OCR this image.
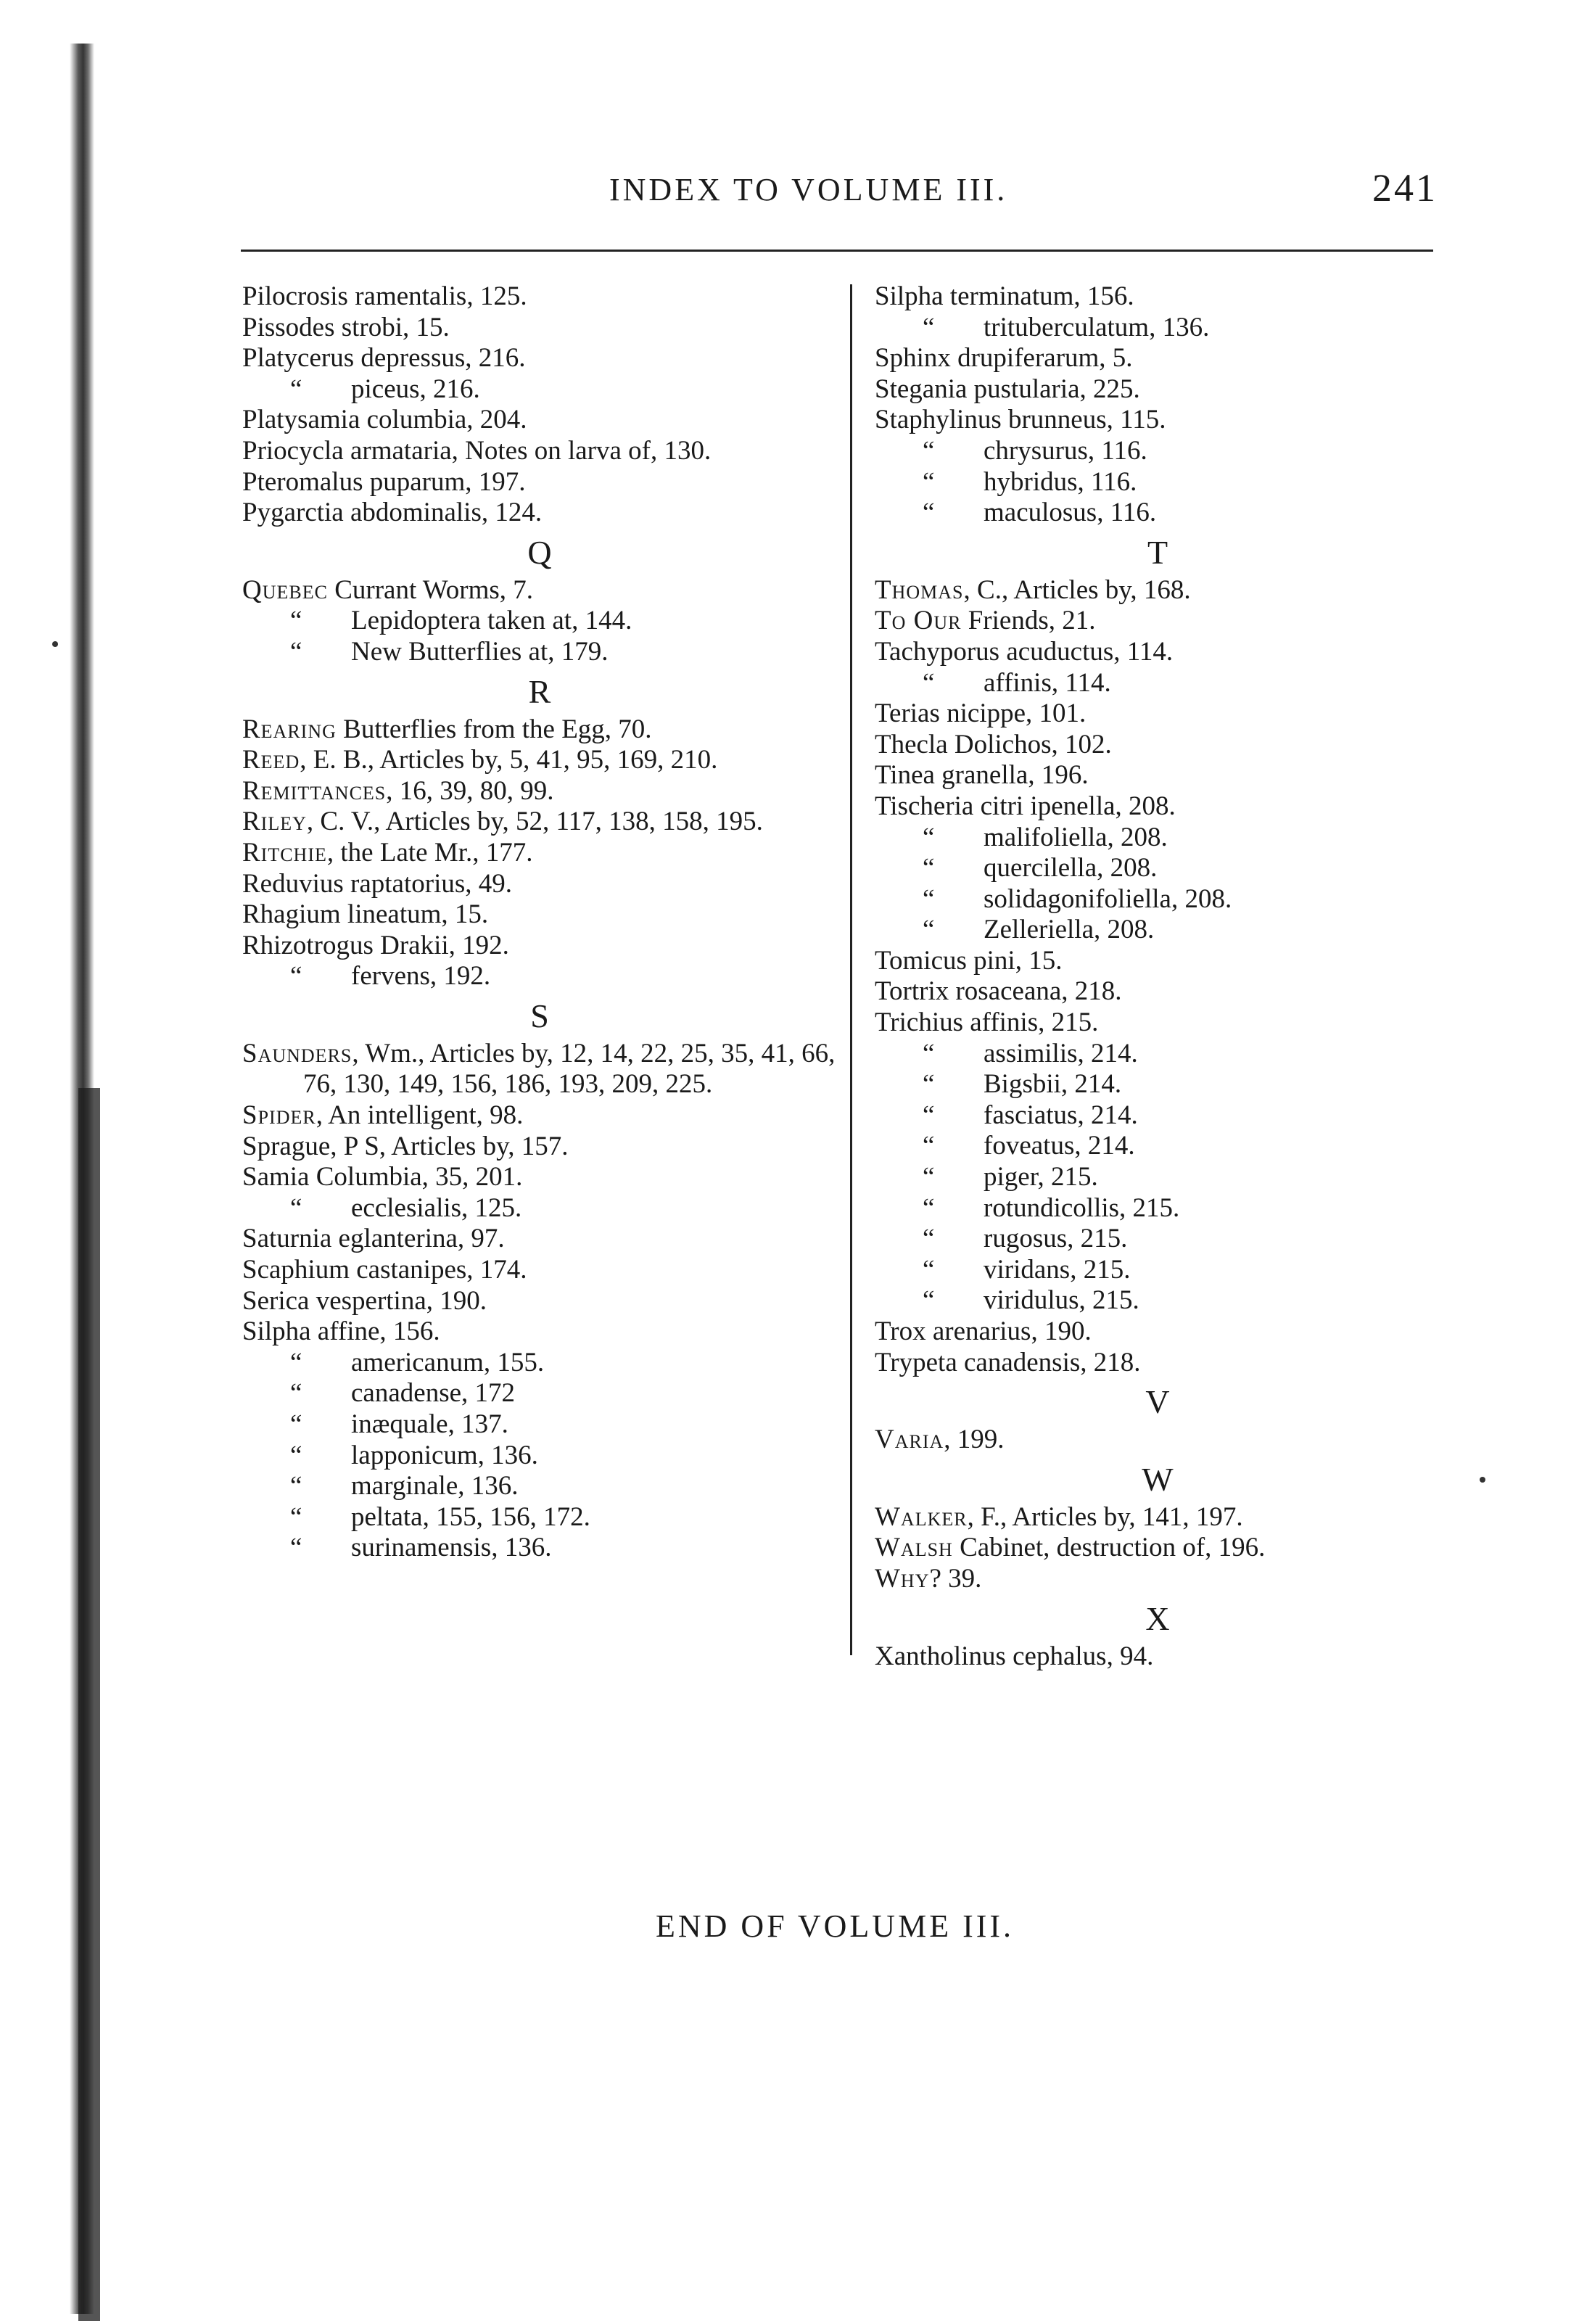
INDEX TO VOLUME III.	241

Pilocrosis ramentalis, 125.

Pissodes strobi, 15.

Platycerus depressus, 216.

“ piceus, 216.

Platysamia columbia, 204.

Priocycla armataria, Notes on larva of, 130.

Pteromalus puparum, 197.

Pygarctia abdominalis, 124.

Q

Quebec Currant Worms, 7.

“ Lepidoptera taken at, 144.

“ New Butterflies at, 179.

R

Rearing Butterflies from the Egg, 70.

Reed, E. B., Articles by, 5, 41, 95, 169, 210.

Remittances, 16, 39, 80, 99.

Riley, C. V., Articles by, 52, 117, 138, 158, 195.

Ritchie, the Late Mr., 177.

Reduvius raptatorius, 49.

Rhagium lineatum, 15.

Rhizotrogus Drakii, 192.

“ fervens, 192.

S

Saunders, Wm., Articles by, 12, 14, 22, 25, 35, 41, 66, 76, 130, 149, 156, 186, 193, 209, 225.

Spider, An intelligent, 98.

Sprague, P S, Articles by, 157.

Samia Columbia, 35, 201.

“ ecclesialis, 125.

Saturnia eglanterina, 97.

Scaphium castanipes, 174.

Serica vespertina, 190.

Silpha affine, 156.

“ americanum, 155.

“ canadense, 172

“ inæquale, 137.

“ lapponicum, 136.

“ marginale, 136.

“ peltata, 155, 156, 172.

“ surinamensis, 136.

Silpha terminatum, 156.

“ trituberculatum, 136.

Sphinx drupiferarum, 5.

Stegania pustularia, 225.

Staphylinus brunneus, 115.

“ chrysurus, 116.

“ hybridus, 116.

“ maculosus, 116.

T

Thomas, C., Articles by, 168.

To Our Friends, 21.

Tachyporus acuductus, 114.

“ affinis, 114.

Terias nicippe, 101.

Thecla Dolichos, 102.

Tinea granella, 196.

Tischeria citri ipenella, 208.

“ malifoliella, 208.

“ quercilella, 208.

“ solidagonifoliella, 208.

“ Zelleriella, 208.

Tomicus pini, 15.

Tortrix rosaceana, 218.

Trichius affinis, 215.

“ assimilis, 214.

“ Bigsbii, 214.

“ fasciatus, 214.

“ foveatus, 214.

“ piger, 215.

“ rotundicollis, 215.

“ rugosus, 215.

“ viridans, 215.

“ viridulus, 215.

Trox arenarius, 190.

Trypeta canadensis, 218.

V

Varia, 199.

W

Walker, F., Articles by, 141, 197.

Walsh Cabinet, destruction of, 196.

Why? 39.

X

Xantholinus cephalus, 94.

END OF VOLUME III.
